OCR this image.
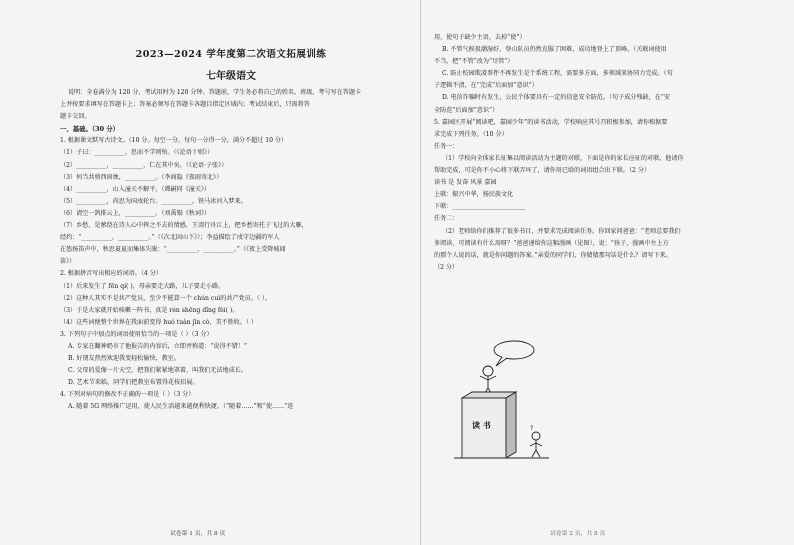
2023—2024 学年度第二次语文拓展训练
七年级语文
说明：全卷满分为 120 分，考试用时为 120 分钟。答题前，学生务必将自己的姓名、班级、考号写在答题卡
上并按要求填写在答题卡上；答案必须写在答题卡各题目指定区域内；考试结束后，只需将答
题卡交回。
一、基础。（30 分）
1. 根据课文默写古诗文。（10 分。每空一分，每句一分得一分，满分不超过 10 分）
（1）子曰：__________，思而不学则殆。（《论语十则》）
（2）__________，__________，仁在其中矣。（《论语·子张》）
（3）何当共剪西窗烛，__________。（李商隐《夜雨寄北》）
（4）__________，山入潼关不解平。（谭嗣同《潼关》）
（5）__________，尚思为国戍轮台。__________，铁马冰河入梦来。
（6）请空一鸽排云上，__________。（刘禹锡《秋词》）
（7）乡愁，是萦绕在诗人心中挥之不去的情感，王湾行舟江上，把乡愁寄托于飞过的大雁，
经约：“__________，__________。”（《次北固山下》）；李益描绘了戍守边疆的军人
在悠扬笛声中，秋思夏夏而集体失眠：“__________，__________。”（《夜上受降城闻
笛》）
2. 根据拼音写出相应的词语。（4 分）
（1）后来发生了 fēn qí( )，母亲要走大路，儿子要走小路。
（2）这种人其实不是共产党员，至少不能算一个 chún cuì的共产党员。（ ）。
（3）于是大家就开始咳嗽一阵书，真是 rén shēng dǐng fèi( )。
（4）这些词便整个世界在我面前变得 huó tuàn jīn cò，美不胜收。（ ）
3. 下列句子中加点的词语使用恰当的一项是（ ）（3 分）
A. 专家在翻神奶市了他报告的内容后，立即并称道：“说得不错！”
B. 好朋友热烈欢迎我变轻松愉快，教室。
C. 父母的爱像一片天空，把我们紧紧地罩着，叫我们无法地成长。
D. 艺术节来临，同学们把教室布置得花枝招展。
4. 下列对病句的修改不正确的一项是（ ）（3 分）
A. 随着 5G 网络推广运用，使人民生活越来越便利快捷。（“随着……”和“使……”连
试卷第 1 页，共 8 页
用，使句子缺少主语，去掉“使”）
B. 不管气候很潮湿好，登山队员仍然克服了困难，成功地登上了顶峰。（关联词使用
不当，把“不管”改为“尽管”）
C. 防止校园欺凌事件不再发生是个系统工程，需要多方面，多领域来协同力完成。（句
子逻辑不清，在“完成”后面加“意识”）
D. 电信诈骗时有发生，公民个体要具有一定的信息安全防范。（句子成分残缺，在“安
全防范”后面加“意识”）
5. 嘉园区开展“阅读吧，嘉园少年”的读书活动，学校响应其号召积极参加，请你根据要
求完成下列任务。（10 分）
任务一：
（1）学校向全体家长征集以阅读活动为主题的对联，下面是你的家长应征的对联，他请你
帮助完成，可是你不小心将下联弄坏了，请你用已给的词语组合出下联。（2 分）
读书 是 发奋 风景 嘉园
上联：振兴中华，扬民族文化
下联：________________________
任务二：
（2）老师给你们推荐了很多书目，并要求完成阅读任务。你回家问爸爸：“老师总要我们
多阅读，可阅读有什么用呀？”爸爸递给你这幅漫画（见图），说：“孩子，漫画中左上方
的那个人说的话，就是你问题的答案。”亲爱的同学们，你猜猜那句话是什么？请写下来。
（2 分）
读 书	?
试卷第 2 页，共 8 页
